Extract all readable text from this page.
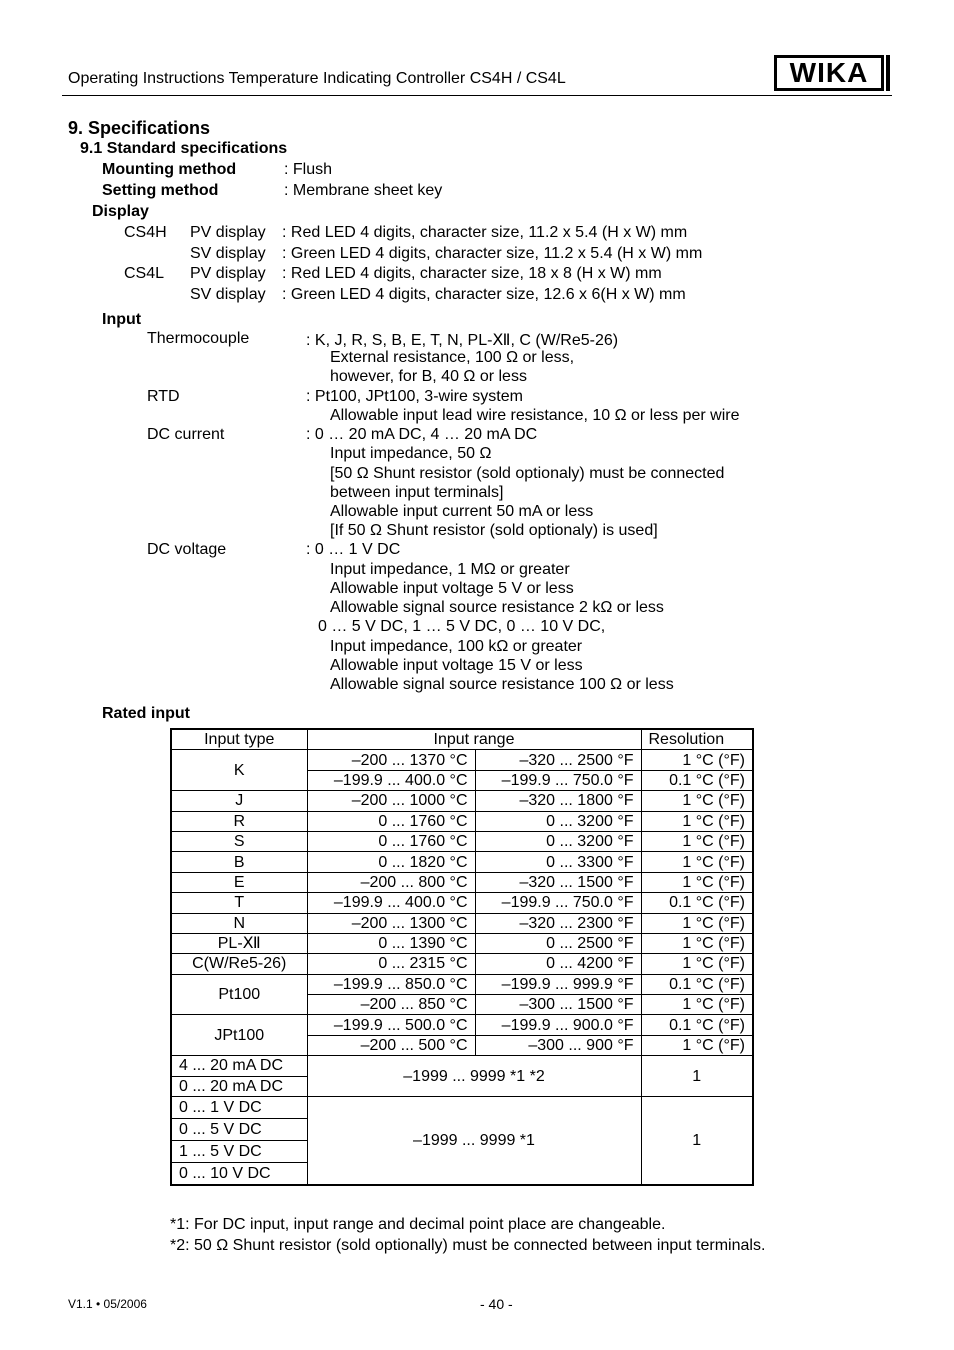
Operating Instructions Temperature Indicating Controller CS4H / CS4L	WIKA
9. Specifications
9.1 Standard specifications
Mounting method	: Flush
Setting method	: Membrane sheet key
Display
CS4H PV display : Red LED 4 digits, character size, 11.2 x 5.4 (H x W) mm
SV display : Green LED 4 digits, character size, 11.2 x 5.4 (H x W) mm
CS4L PV display : Red LED 4 digits, character size, 18 x 8 (H x W) mm
SV display : Green LED 4 digits, character size, 12.6 x 6(H x W) mm
Input
Thermocouple	: K, J, R, S, B, E, T, N, PL-Ⅻ, C (W/Re5-26)
External resistance, 100 Ω or less,
however, for B, 40 Ω or less
RTD	: Pt100, JPt100, 3-wire system
Allowable input lead wire resistance, 10 Ω or less per wire
DC current	: 0 … 20 mA DC, 4 … 20 mA DC
Input impedance, 50 Ω
[50 Ω Shunt resistor (sold optionaly) must be connected
between input terminals]
Allowable input current 50 mA or less
[If 50 Ω Shunt resistor (sold optionaly) is used]
DC voltage	: 0 … 1 V DC
Input impedance, 1 MΩ or greater
Allowable input voltage 5 V or less
Allowable signal source resistance 2 kΩ or less
0 … 5 V DC, 1 … 5 V DC, 0 … 10 V DC,
Input impedance, 100 kΩ or greater
Allowable input voltage 15 V or less
Allowable signal source resistance 100 Ω or less
Rated input
Input type	Input range		Resolution
K	–200 ... 1370 °C	–320 ... 2500 °F	1 °C (°F)
	–199.9 ... 400.0 °C	–199.9 ... 750.0 °F	0.1 °C (°F)
J	–200 ... 1000 °C	–320 ... 1800 °F	1 °C (°F)
R	0 ... 1760 °C	0 ... 3200 °F	1 °C (°F)
S	0 ... 1760 °C	0 ... 3200 °F	1 °C (°F)
B	0 ... 1820 °C	0 ... 3300 °F	1 °C (°F)
E	–200 ... 800 °C	–320 ... 1500 °F	1 °C (°F)
T	–199.9 ... 400.0 °C	–199.9 ... 750.0 °F	0.1 °C (°F)
N	–200 ... 1300 °C	–320 ... 2300 °F	1 °C (°F)
PL-Ⅻ	0 ... 1390 °C	0 ... 2500 °F	1 °C (°F)
C(W/Re5-26)	0 ... 2315 °C	0 ... 4200 °F	1 °C (°F)
Pt100	–199.9 ... 850.0 °C	–199.9 ... 999.9 °F	0.1 °C (°F)
	–200 ... 850 °C	–300 ... 1500 °F	1 °C (°F)
JPt100	–199.9 ... 500.0 °C	–199.9 ... 900.0 °F	0.1 °C (°F)
	–200 ... 500 °C	–300 ... 900 °F	1 °C (°F)
4 ... 20 mA DC	–1999 ... 9999 *1 *2		1
0 ... 20 mA DC			
0 ... 1 V DC	–1999 ... 9999 *1		1
0 ... 5 V DC			
1 ... 5 V DC			
0 ... 10 V DC			
*1: For DC input, input range and decimal point place are changeable.
*2: 50 Ω Shunt resistor (sold optionally) must be connected between input terminals.
V1.1 • 05/2006	- 40 -
